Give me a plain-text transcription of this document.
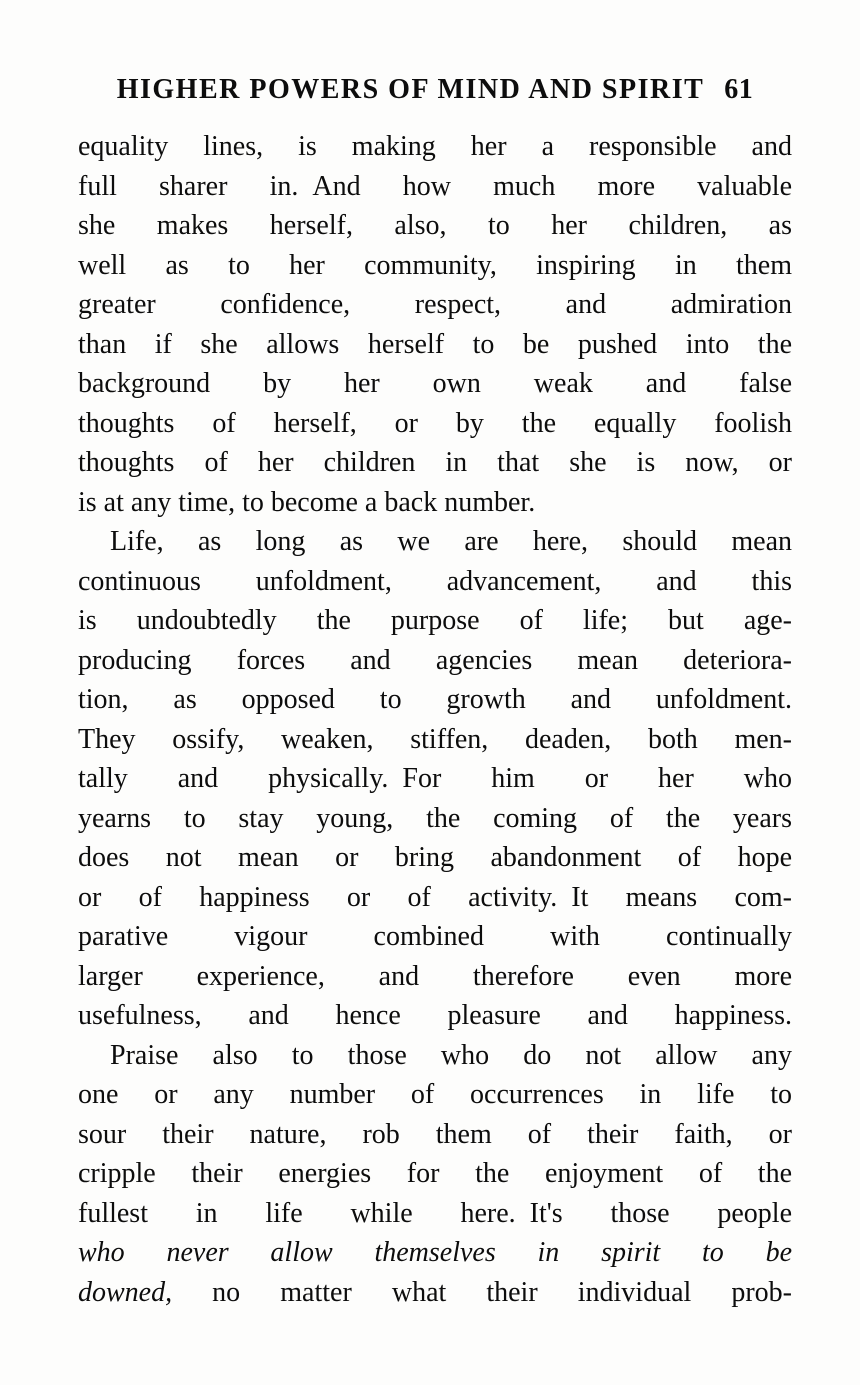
HIGHER POWERS OF MIND AND SPIRIT 61

equality lines, is making her a responsible and
full sharer in. And how much more valuable
she makes herself, also, to her children, as
well as to her community, inspiring in them
greater confidence, respect, and admiration
than if she allows herself to be pushed into the
background by her own weak and false
thoughts of herself, or by the equally foolish
thoughts of her children in that she is now, or
is at any time, to become a back number.

Life, as long as we are here, should mean
continuous unfoldment, advancement, and this
is undoubtedly the purpose of life; but age-
producing forces and agencies mean deteriora-
tion, as opposed to growth and unfoldment.
They ossify, weaken, stiffen, deaden, both men-
tally and physically. For him or her who
yearns to stay young, the coming of the years
does not mean or bring abandonment of hope
or of happiness or of activity. It means com-
parative vigour combined with continually
larger experience, and therefore even more
usefulness, and hence pleasure and happiness.

Praise also to those who do not allow any
one or any number of occurrences in life to
sour their nature, rob them of their faith, or
cripple their energies for the enjoyment of the
fullest in life while here. It's those people
who never allow themselves in spirit to be
downed, no matter what their individual prob-
